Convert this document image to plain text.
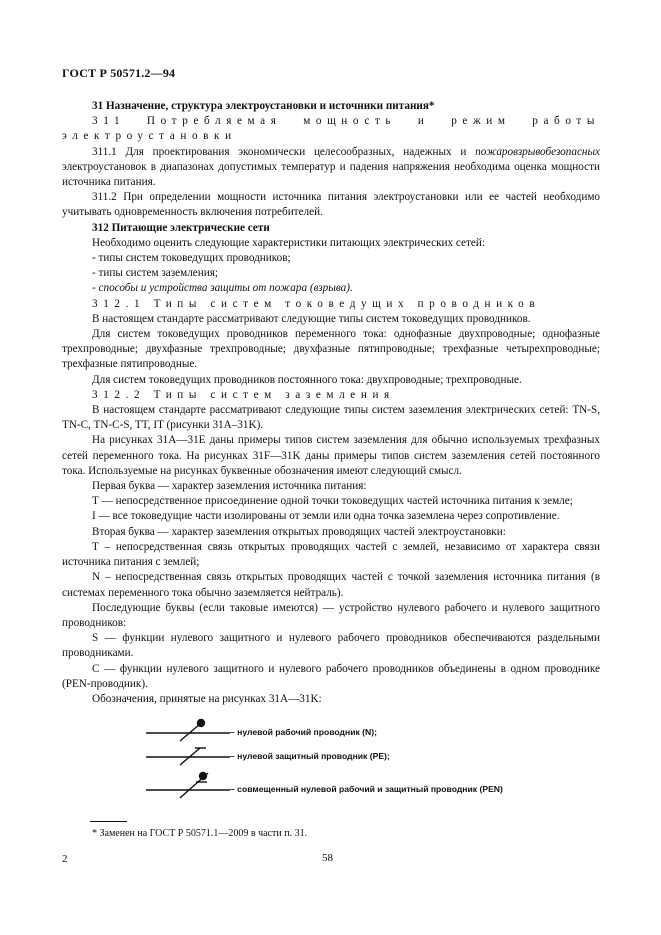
ГОСТ Р 50571.2—94

31 Назначение, структура электроустановки и источники питания*

311 Потребляемая мощность и режим работы электроустановки

311.1 Для проектирования экономически целесообразных, надежных и пожаровзрывобезопасных электроустановок в диапазонах допустимых температур и падения напряжения необходима оценка мощности источника питания.

311.2 При определении мощности источника питания электроустановки или ее частей необходимо учитывать одновременность включения потребителей.

312 Питающие электрические сети

Необходимо оценить следующие характеристики питающих электрических сетей:

- типы систем токоведущих проводников;

- типы систем заземления;

- способы и устройства защиты от пожара (взрыва).

312.1 Типы систем токоведущих проводников

В настоящем стандарте рассматривают следующие типы систем токоведущих проводников.

Для систем токоведущих проводников переменного тока: однофазные двухпроводные; однофазные трехпроводные; двухфазные трехпроводные; двухфазные пятипроводные; трехфазные четырехпроводные; трехфазные пятипроводные.

Для систем токоведущих проводников постоянного тока: двухпроводные; трехпроводные.

312.2 Типы систем заземления

В настоящем стандарте рассматривают следующие типы систем заземления электрических сетей: TN-S, TN-C, TN-C-S, TT, IT (рисунки 31A–31K).

На рисунках 31А—31Е даны примеры типов систем заземления для обычно используемых трехфазных сетей переменного тока. На рисунках 31F—31K даны примеры типов систем заземления сетей постоянного тока. Используемые на рисунках буквенные обозначения имеют следующий смысл.

Первая буква — характер заземления источника питания:

Т — непосредственное присоединение одной точки токоведущих частей источника питания к земле;

I — все токоведущие части изолированы от земли или одна точка заземлена через сопротивление.

Вторая буква — характер заземления открытых проводящих частей электроустановки:

Т – непосредственная связь открытых проводящих частей с землей, независимо от характера связи источника питания с землей;

N – непосредственная связь открытых проводящих частей с точкой заземления источника питания (в системах переменного тока обычно заземляется нейтраль).

Последующие буквы (если таковые имеются) — устройство нулевого рабочего и нулевого защитного проводников:

S — функции нулевого защитного и нулевого рабочего проводников обеспечиваются раздельными проводниками.

С — функции нулевого защитного и нулевого рабочего проводников объединены в одном проводнике (PEN-проводник).

Обозначения, принятые на рисунках 31А—31K:

– нулевой рабочий проводник (N);
– нулевой защитный проводник (PE);
– совмещенный нулевой рабочий и защитный проводник (PEN)
* Заменен на ГОСТ Р 50571.1—2009 в части п. 31.
2	58
